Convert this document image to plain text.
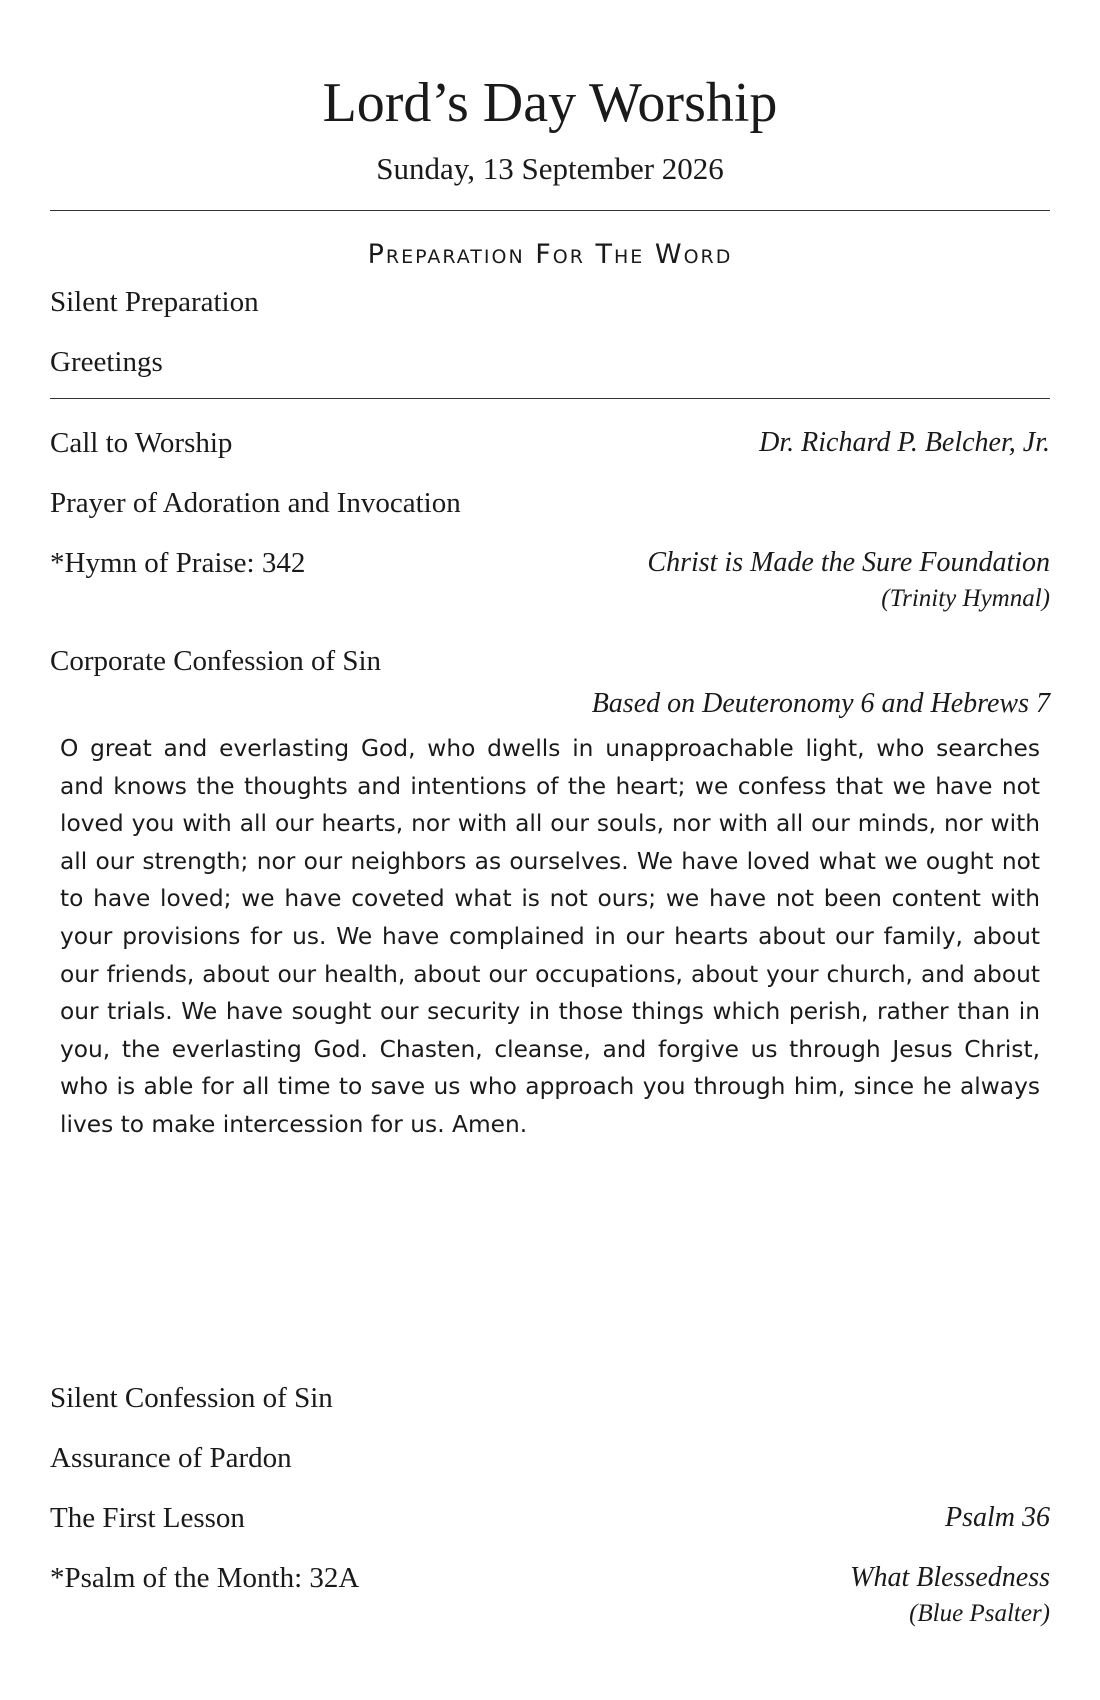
Lord’s Day Worship
Sunday, 13 September 2026
Preparation For The Word
Silent Preparation
Greetings
Call to Worship	Dr. Richard P. Belcher, Jr.
Prayer of Adoration and Invocation
*Hymn of Praise: 342	Christ is Made the Sure Foundation
(Trinity Hymnal)
Corporate Confession of Sin
Based on Deuteronomy 6 and Hebrews 7
O great and everlasting God, who dwells in unapproachable light, who searches and knows the thoughts and intentions of the heart; we confess that we have not loved you with all our hearts, nor with all our souls, nor with all our minds, nor with all our strength; nor our neighbors as ourselves. We have loved what we ought not to have loved; we have coveted what is not ours; we have not been content with your provisions for us. We have complained in our hearts about our family, about our friends, about our health, about our occupations, about your church, and about our trials. We have sought our security in those things which perish, rather than in you, the everlasting God. Chasten, cleanse, and forgive us through Jesus Christ, who is able for all time to save us who approach you through him, since he always lives to make intercession for us. Amen.
Silent Confession of Sin
Assurance of Pardon
The First Lesson	Psalm 36
*Psalm of the Month: 32A	What Blessedness
(Blue Psalter)
